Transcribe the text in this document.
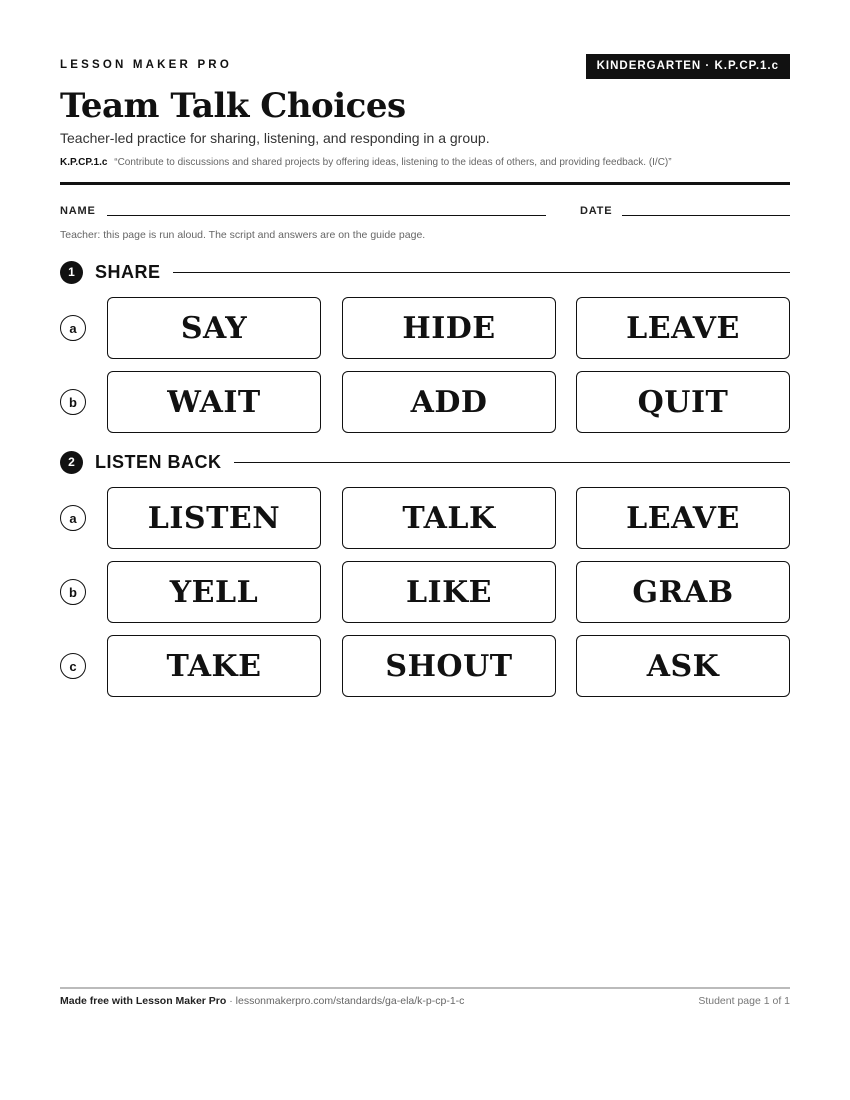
LESSON MAKER PRO	KINDERGARTEN · K.P.CP.1.c
Team Talk Choices
Teacher-led practice for sharing, listening, and responding in a group.
K.P.CP.1.c “Contribute to discussions and shared projects by offering ideas, listening to the ideas of others, and providing feedback. (I/C)”
NAME	DATE
Teacher: this page is run aloud. The script and answers are on the guide page.
1	SHARE
a	SAY	HIDE	LEAVE
b	WAIT	ADD	QUIT
2	LISTEN BACK
a	LISTEN	TALK	LEAVE
b	YELL	LIKE	GRAB
c	TAKE	SHOUT	ASK
Made free with Lesson Maker Pro · lessonmakerpro.com/standards/ga-ela/k-p-cp-1-c	Student page 1 of 1
